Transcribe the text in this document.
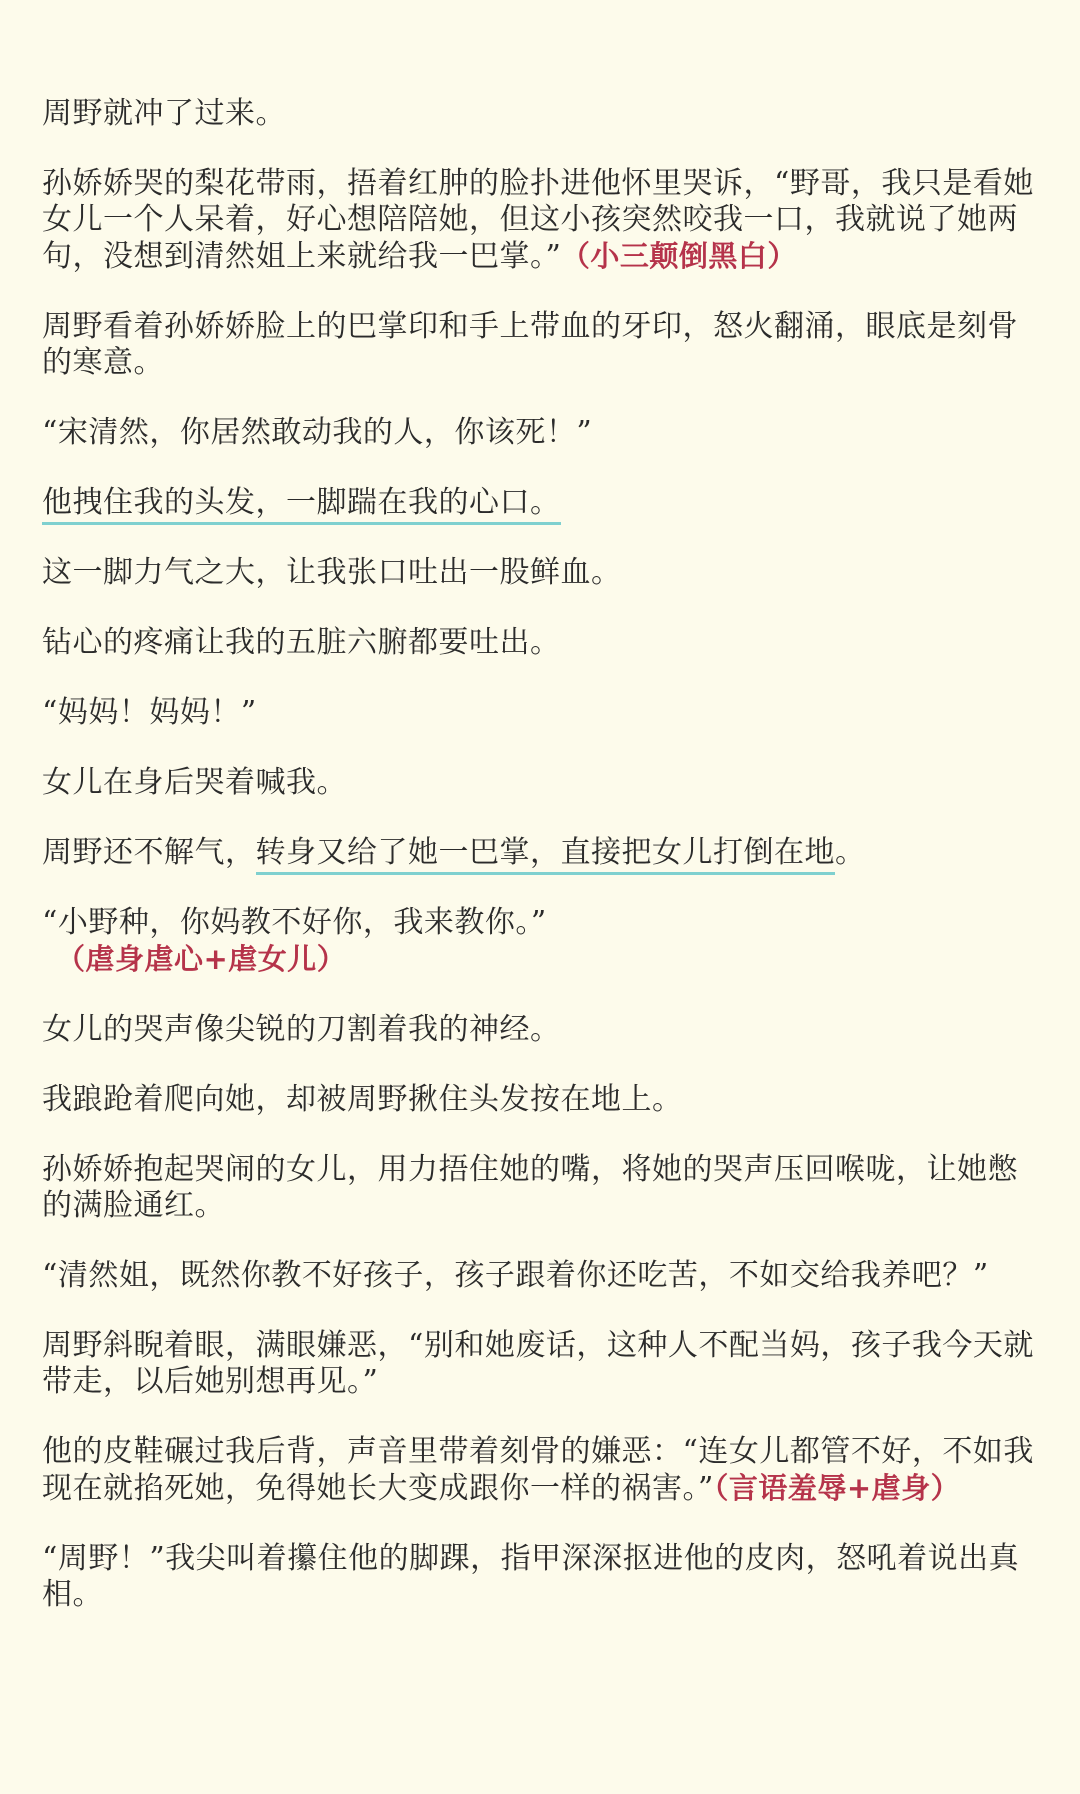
周野就冲了过来。

孙娇娇哭的梨花带雨，捂着红肿的脸扑进他怀里哭诉，“野哥，我只是看她女儿一个人呆着，好心想陪陪她，但这小孩突然咬我一口，我就说了她两句，没想到清然姐上来就给我一巴掌。” （小三颠倒黑白）

周野看着孙娇娇脸上的巴掌印和手上带血的牙印，怒火翻涌，眼底是刻骨的寒意。

“宋清然，你居然敢动我的人，你该死！”

他拽住我的头发，一脚踹在我的心口。

这一脚力气之大，让我张口吐出一股鲜血。

钻心的疼痛让我的五脏六腑都要吐出。

“妈妈！妈妈！”

女儿在身后哭着喊我。

周野还不解气，转身又给了她一巴掌，直接把女儿打倒在地。

“小野种，你妈教不好你，我来教你。”
（虐身虐心+虐女儿）

女儿的哭声像尖锐的刀割着我的神经。

我踉跄着爬向她，却被周野揪住头发按在地上。

孙娇娇抱起哭闹的女儿，用力捂住她的嘴，将她的哭声压回喉咙，让她憋的满脸通红。

“清然姐，既然你教不好孩子，孩子跟着你还吃苦，不如交给我养吧？”

周野斜睨着眼，满眼嫌恶，“别和她废话，这种人不配当妈，孩子我今天就带走，以后她别想再见。”

他的皮鞋碾过我后背，声音里带着刻骨的嫌恶：“连女儿都管不好，不如我现在就掐死她，免得她长大变成跟你一样的祸害。”（言语羞辱+虐身）

“周野！”我尖叫着攥住他的脚踝，指甲深深抠进他的皮肉，怒吼着说出真相。
